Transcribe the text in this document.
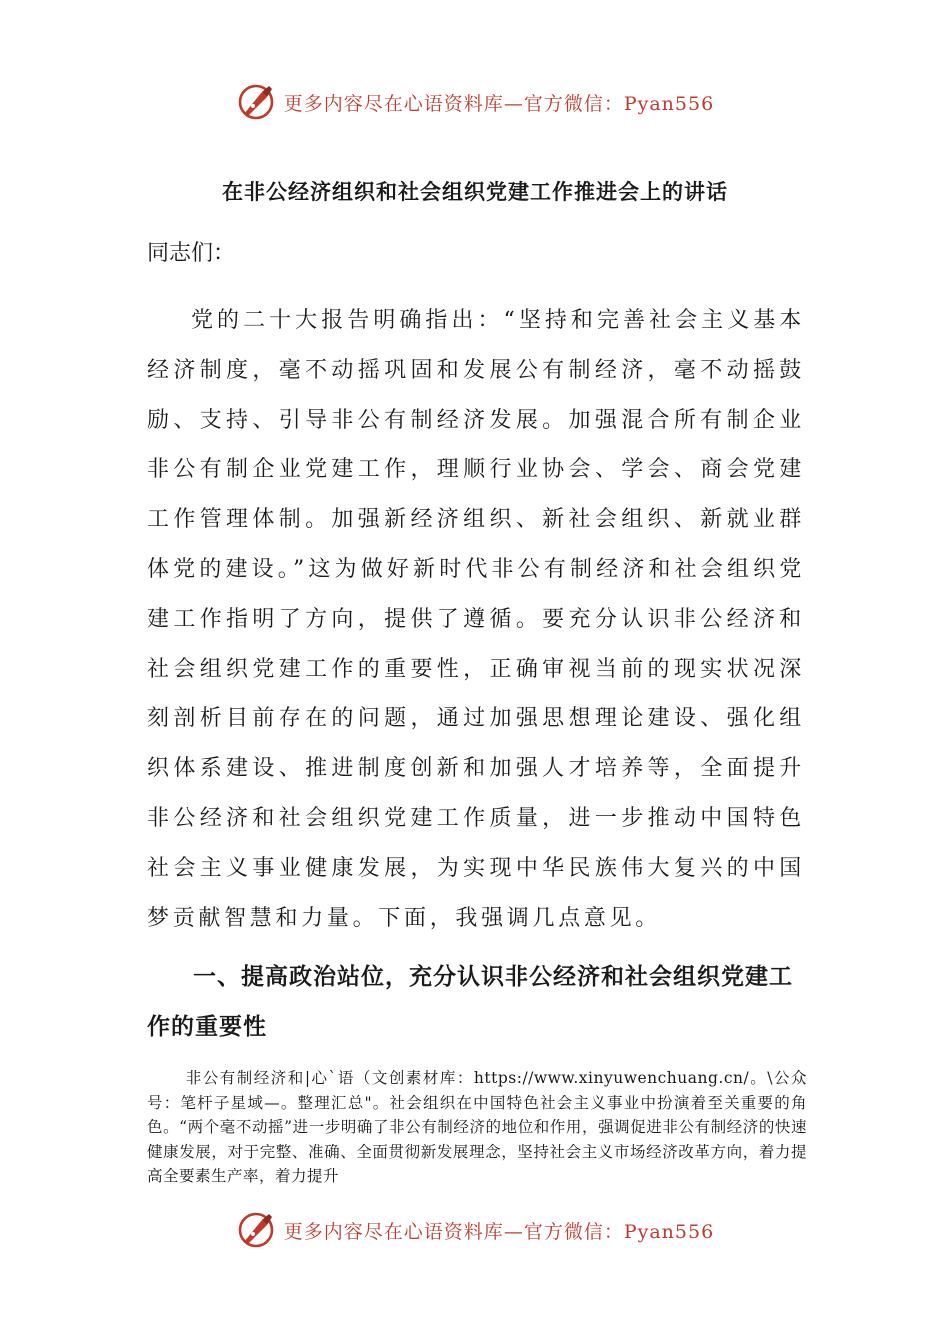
更多内容尽在心语资料库—官方微信：Pyan556
在非公经济组织和社会组织党建工作推进会上的讲话

同志们：

党的二十大报告明确指出：“坚持和完善社会主义基本经济制度，毫不动摇巩固和发展公有制经济，毫不动摇鼓励、支持、引导非公有制经济发展。加强混合所有制企业非公有制企业党建工作，理顺行业协会、学会、商会党建工作管理体制。加强新经济组织、新社会组织、新就业群体党的建设。”这为做好新时代非公有制经济和社会组织党建工作指明了方向，提供了遵循。要充分认识非公经济和社会组织党建工作的重要性，正确审视当前的现实状况深刻剖析目前存在的问题，通过加强思想理论建设、强化组织体系建设、推进制度创新和加强人才培养等，全面提升非公经济和社会组织党建工作质量，进一步推动中国特色社会主义事业健康发展，为实现中华民族伟大复兴的中国梦贡献智慧和力量。下面，我强调几点意见。

一、提高政治站位，充分认识非公经济和社会组织党建工作的重要性

非公有制经济和|心`语（文创素材库：https://www.xinyuwenchuang.cn/。\公众号：笔杆子星域—。整理汇总"。社会组织在中国特色社会主义事业中扮演着至关重要的角色。“两个毫不动摇”进一步明确了非公有制经济的地位和作用，强调促进非公有制经济的快速健康发展，对于完整、准确、全面贯彻新发展理念，坚持社会主义市场经济改革方向，着力提高全要素生产率，着力提升

更多内容尽在心语资料库—官方微信：Pyan556
